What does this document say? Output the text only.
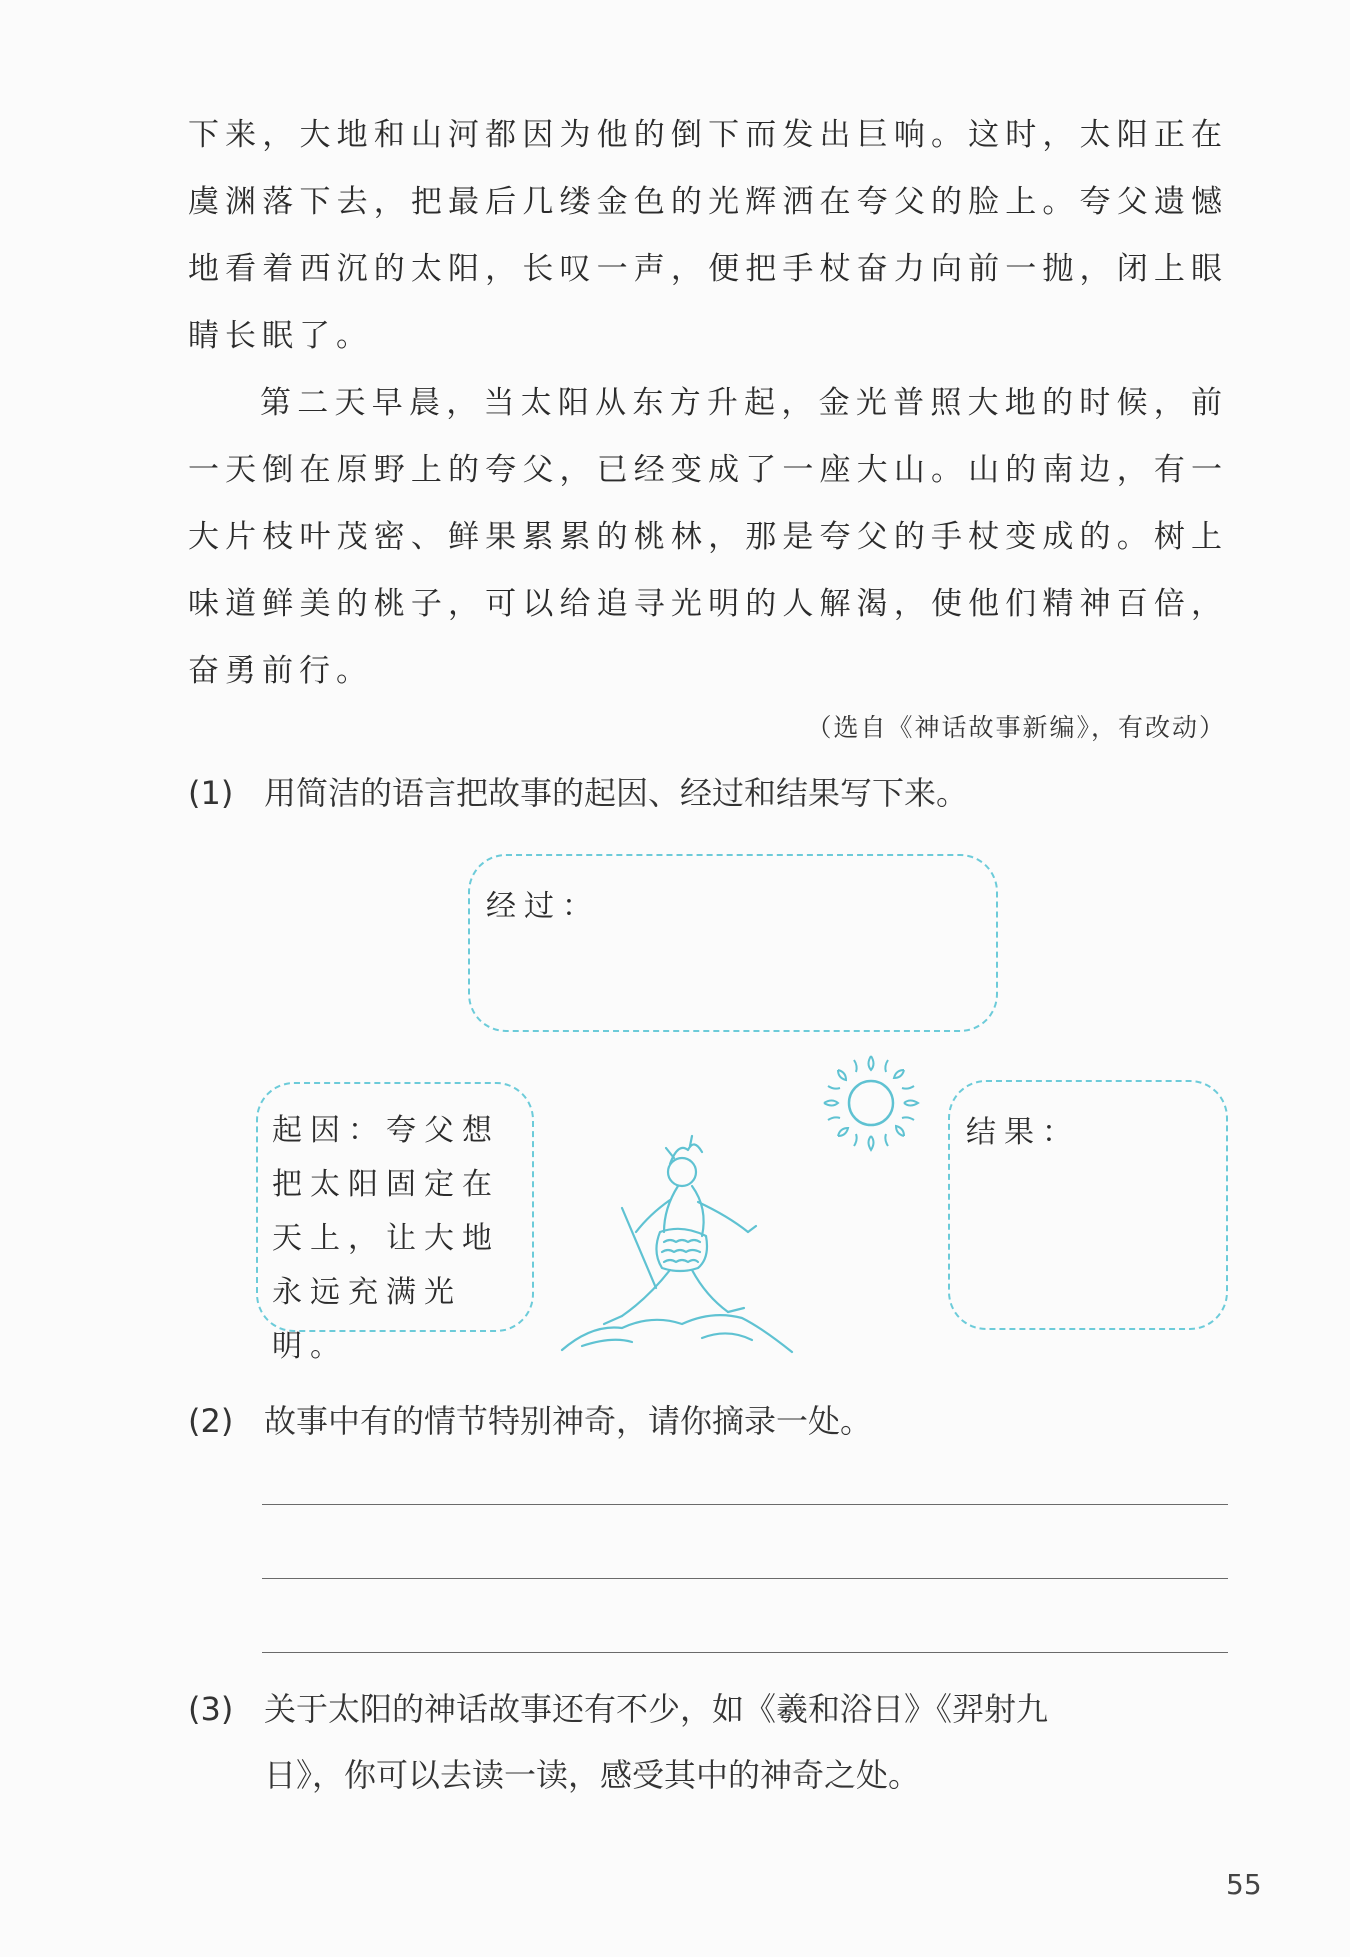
下来，大地和山河都因为他的倒下而发出巨响。这时，太阳正在虞渊落下去，把最后几缕金色的光辉洒在夸父的脸上。夸父遗憾地看着西沉的太阳，长叹一声，便把手杖奋力向前一抛，闭上眼睛长眠了。

第二天早晨，当太阳从东方升起，金光普照大地的时候，前一天倒在原野上的夸父，已经变成了一座大山。山的南边，有一大片枝叶茂密、鲜果累累的桃林，那是夸父的手杖变成的。树上味道鲜美的桃子，可以给追寻光明的人解渴，使他们精神百倍，奋勇前行。

（选自《神话故事新编》，有改动）
(1) 用简洁的语言把故事的起因、经过和结果写下来。
经过：
起因：夸父想把太阳固定在天上，让大地永远充满光明。
结果：
(2) 故事中有的情节特别神奇，请你摘录一处。
(3) 关于太阳的神话故事还有不少，如《羲和浴日》《羿射九
日》，你可以去读一读，感受其中的神奇之处。
55
